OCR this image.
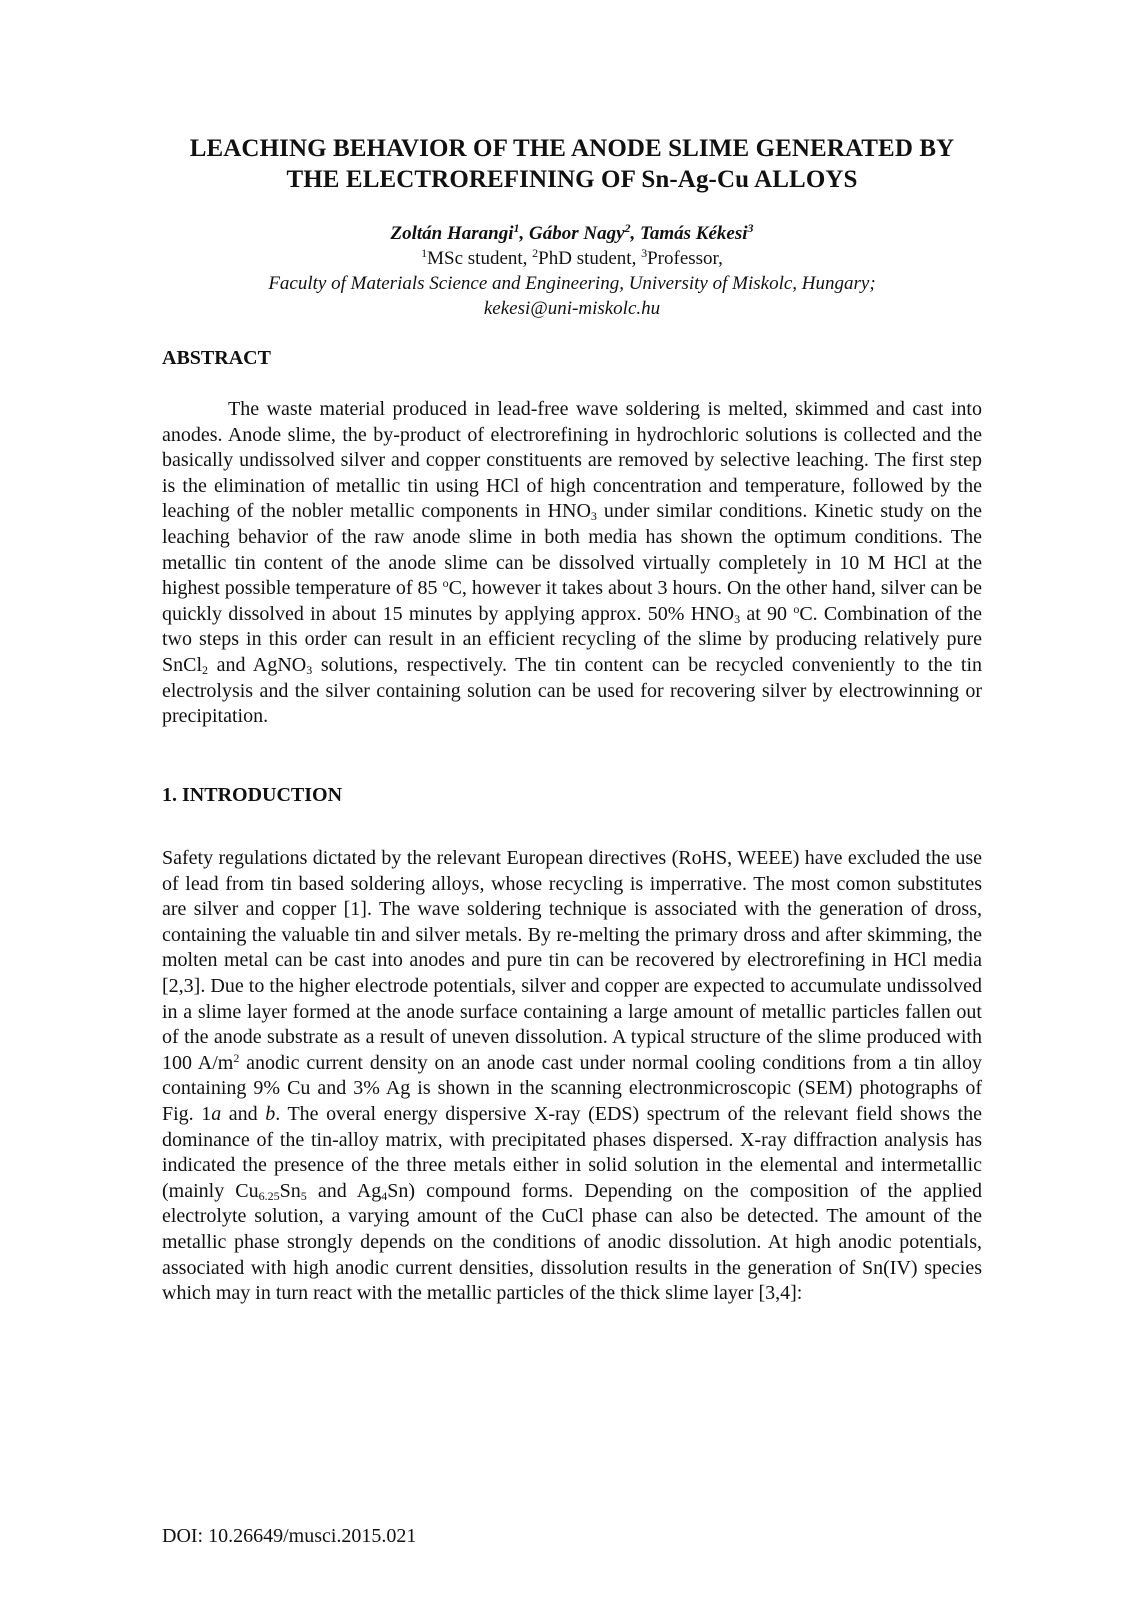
LEACHING BEHAVIOR OF THE ANODE SLIME GENERATED BY
THE ELECTROREFINING OF Sn-Ag-Cu ALLOYS
Zoltán Harangi$^1$, Gábor Nagy$^2$, Tamás Kékesi$^3$
$^1$MSc student, $^2$PhD student, $^3$Professor,
Faculty of Materials Science and Engineering, University of Miskolc, Hungary;
kekesi@uni-miskolc.hu
ABSTRACT
The waste material produced in lead-free wave soldering is melted, skimmed and cast into anodes. Anode slime, the by-product of electrorefining in hydrochloric solutions is collected and the basically undissolved silver and copper constituents are removed by selective leaching. The first step is the elimination of metallic tin using HCl of high concentration and temperature, followed by the leaching of the nobler metallic components in $HNO_3$ under similar conditions. Kinetic study on the leaching behavior of the raw anode slime in both media has shown the optimum conditions. The metallic tin content of the anode slime can be dissolved virtually completely in 10 M HCl at the highest possible temperature of 85 $^o$C, however it takes about 3 hours. On the other hand, silver can be quickly dissolved in about 15 minutes by applying approx. 50% $HNO_3$ at 90 $^o$C. Combination of the two steps in this order can result in an efficient recycling of the slime by producing relatively pure SnCl$_2$ and AgNO$_3$ solutions, respectively. The tin content can be recycled conveniently to the tin electrolysis and the silver containing solution can be used for recovering silver by electrowinning or precipitation.
1. INTRODUCTION
Safety regulations dictated by the relevant European directives (RoHS, WEEE) have excluded the use of lead from tin based soldering alloys, whose recycling is imperrative. The most comon substitutes are silver and copper [1]. The wave soldering technique is associated with the generation of dross, containing the valuable tin and silver metals. By re-melting the primary dross and after skimming, the molten metal can be cast into anodes and pure tin can be recovered by electrorefining in HCl media [2,3]. Due to the higher electrode potentials, silver and copper are expected to accumulate undissolved in a slime layer formed at the anode surface containing a large amount of metallic particles fallen out of the anode substrate as a result of uneven dissolution. A typical structure of the slime produced with 100 $A/m^2$ anodic current density on an anode cast under normal cooling conditions from a tin alloy containing 9% Cu and 3% Ag is shown in the scanning electronmicroscopic (SEM) photographs of Fig. 1a and b. The overal energy dispersive X-ray (EDS) spectrum of the relevant field shows the dominance of the tin-alloy matrix, with precipitated phases dispersed. X-ray diffraction analysis has indicated the presence of the three metals either in solid solution in the elemental and intermetallic (mainly $Cu_{6.25}Sn_5$ and $Ag_4Sn$) compound forms. Depending on the composition of the applied electrolyte solution, a varying amount of the CuCl phase can also be detected. The amount of the metallic phase strongly depends on the conditions of anodic dissolution. At high anodic potentials, associated with high anodic current densities, dissolution results in the generation of Sn(IV) species which may in turn react with the metallic particles of the thick slime layer [3,4]:
DOI: 10.26649/musci.2015.021
